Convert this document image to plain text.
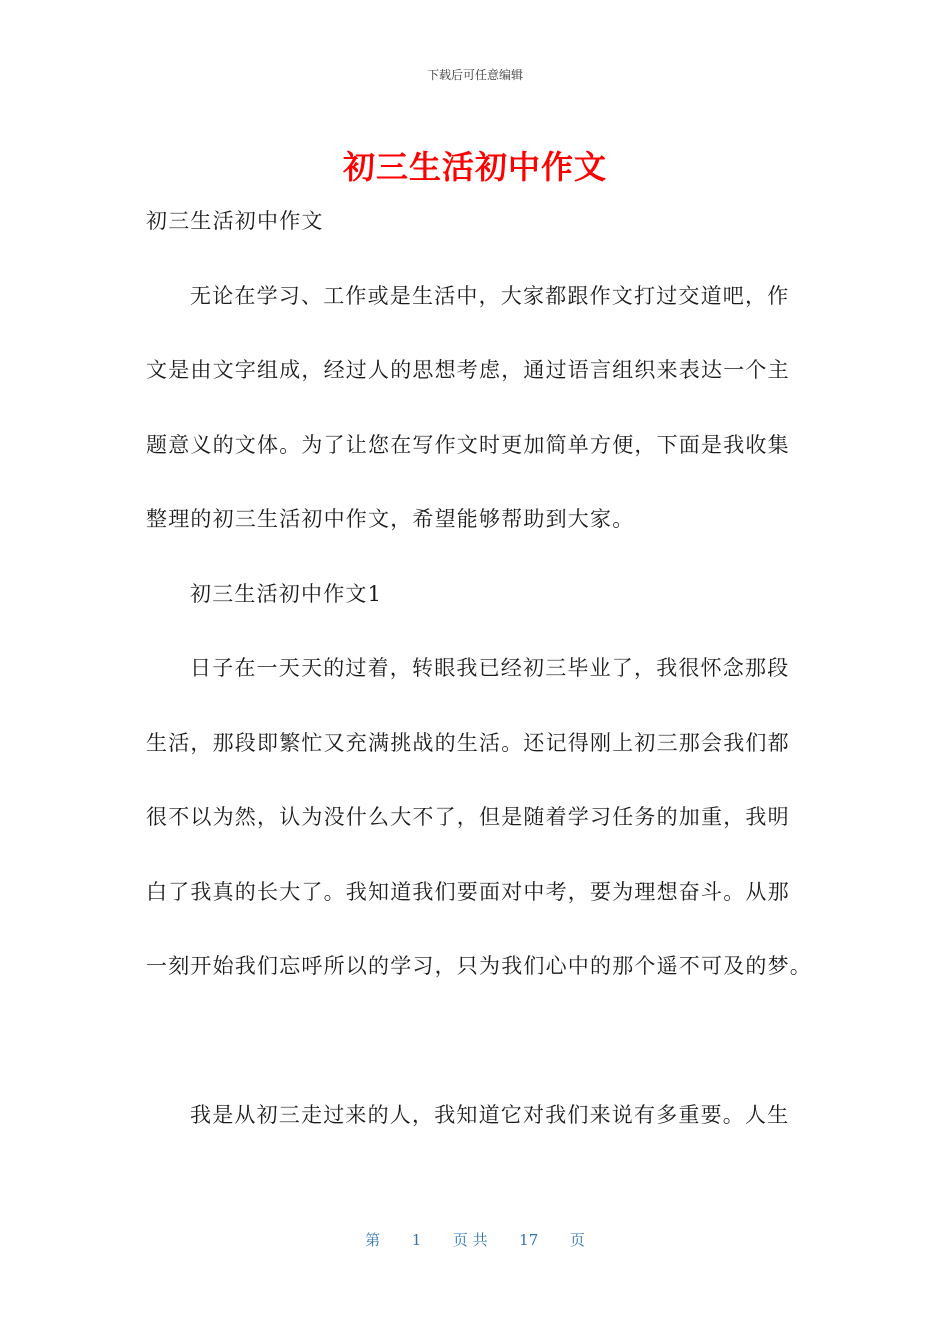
下载后可任意编辑
初三生活初中作文
初三生活初中作文
无论在学习、工作或是生活中，大家都跟作文打过交道吧，作
文是由文字组成，经过人的思想考虑，通过语言组织来表达一个主
题意义的文体。为了让您在写作文时更加简单方便，下面是我收集
整理的初三生活初中作文，希望能够帮助到大家。
初三生活初中作文1
日子在一天天的过着，转眼我已经初三毕业了，我很怀念那段
生活，那段即繁忙又充满挑战的生活。还记得刚上初三那会我们都
很不以为然，认为没什么大不了，但是随着学习任务的加重，我明
白了我真的长大了。我知道我们要面对中考，要为理想奋斗。从那
一刻开始我们忘呼所以的学习，只为我们心中的那个遥不可及的梦。
我是从初三走过来的人，我知道它对我们来说有多重要。人生
第 1 页 共 17 页
